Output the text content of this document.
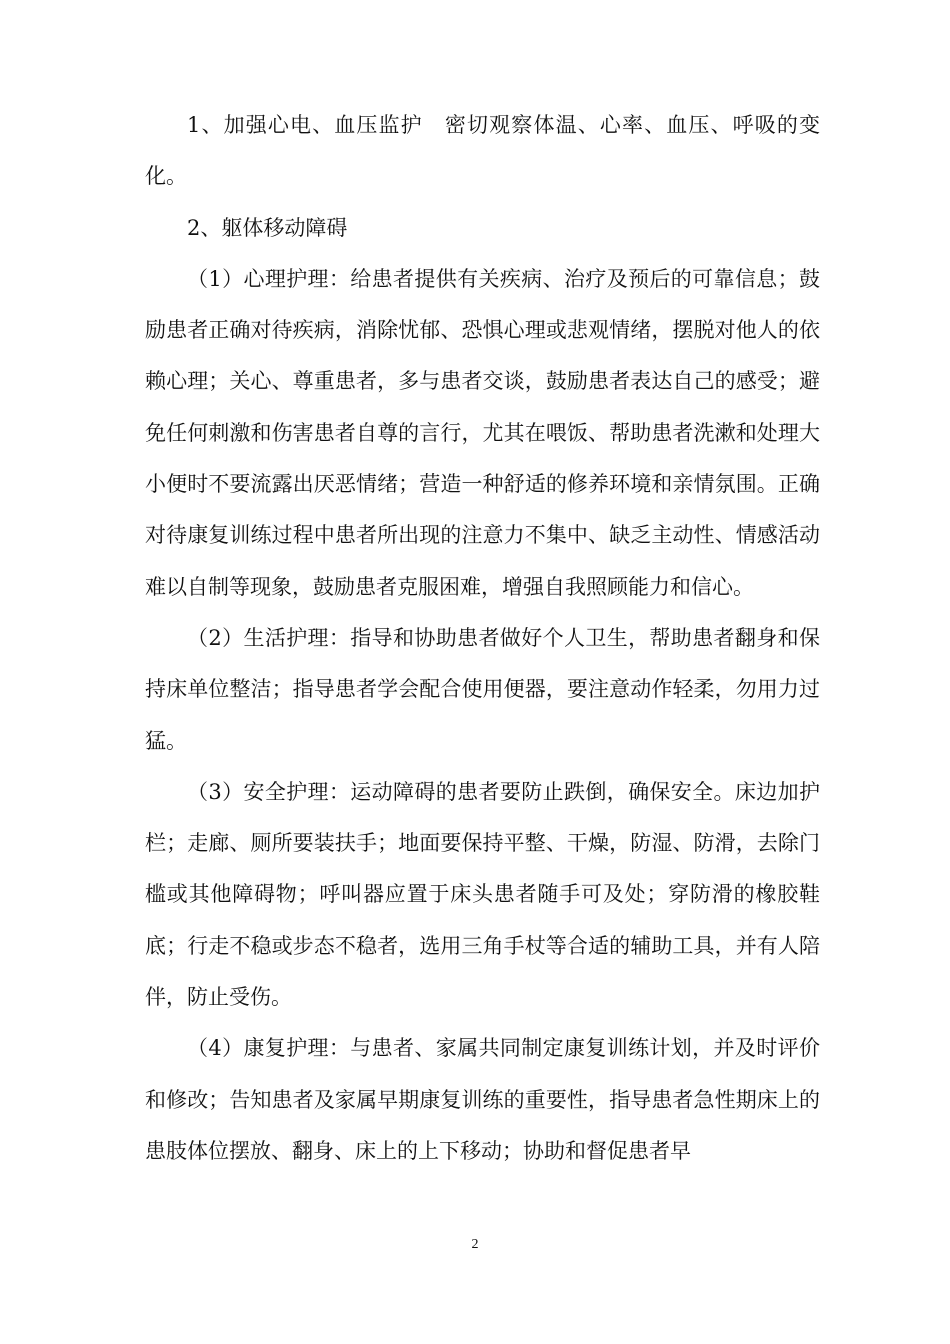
1、加强心电、血压监护　密切观察体温、心率、血压、呼吸的变化。

2、躯体移动障碍

（1）心理护理：给患者提供有关疾病、治疗及预后的可靠信息；鼓励患者正确对待疾病，消除忧郁、恐惧心理或悲观情绪，摆脱对他人的依赖心理；关心、尊重患者，多与患者交谈，鼓励患者表达自己的感受；避免任何刺激和伤害患者自尊的言行，尤其在喂饭、帮助患者洗漱和处理大小便时不要流露出厌恶情绪；营造一种舒适的修养环境和亲情氛围。正确对待康复训练过程中患者所出现的注意力不集中、缺乏主动性、情感活动难以自制等现象，鼓励患者克服困难，增强自我照顾能力和信心。

（2）生活护理：指导和协助患者做好个人卫生，帮助患者翻身和保持床单位整洁；指导患者学会配合使用便器，要注意动作轻柔，勿用力过猛。

（3）安全护理：运动障碍的患者要防止跌倒，确保安全。床边加护栏；走廊、厕所要装扶手；地面要保持平整、干燥，防湿、防滑，去除门槛或其他障碍物；呼叫器应置于床头患者随手可及处；穿防滑的橡胶鞋底；行走不稳或步态不稳者，选用三角手杖等合适的辅助工具，并有人陪伴，防止受伤。

（4）康复护理：与患者、家属共同制定康复训练计划，并及时评价和修改；告知患者及家属早期康复训练的重要性，指导患者急性期床上的患肢体位摆放、翻身、床上的上下移动；协助和督促患者早

2
